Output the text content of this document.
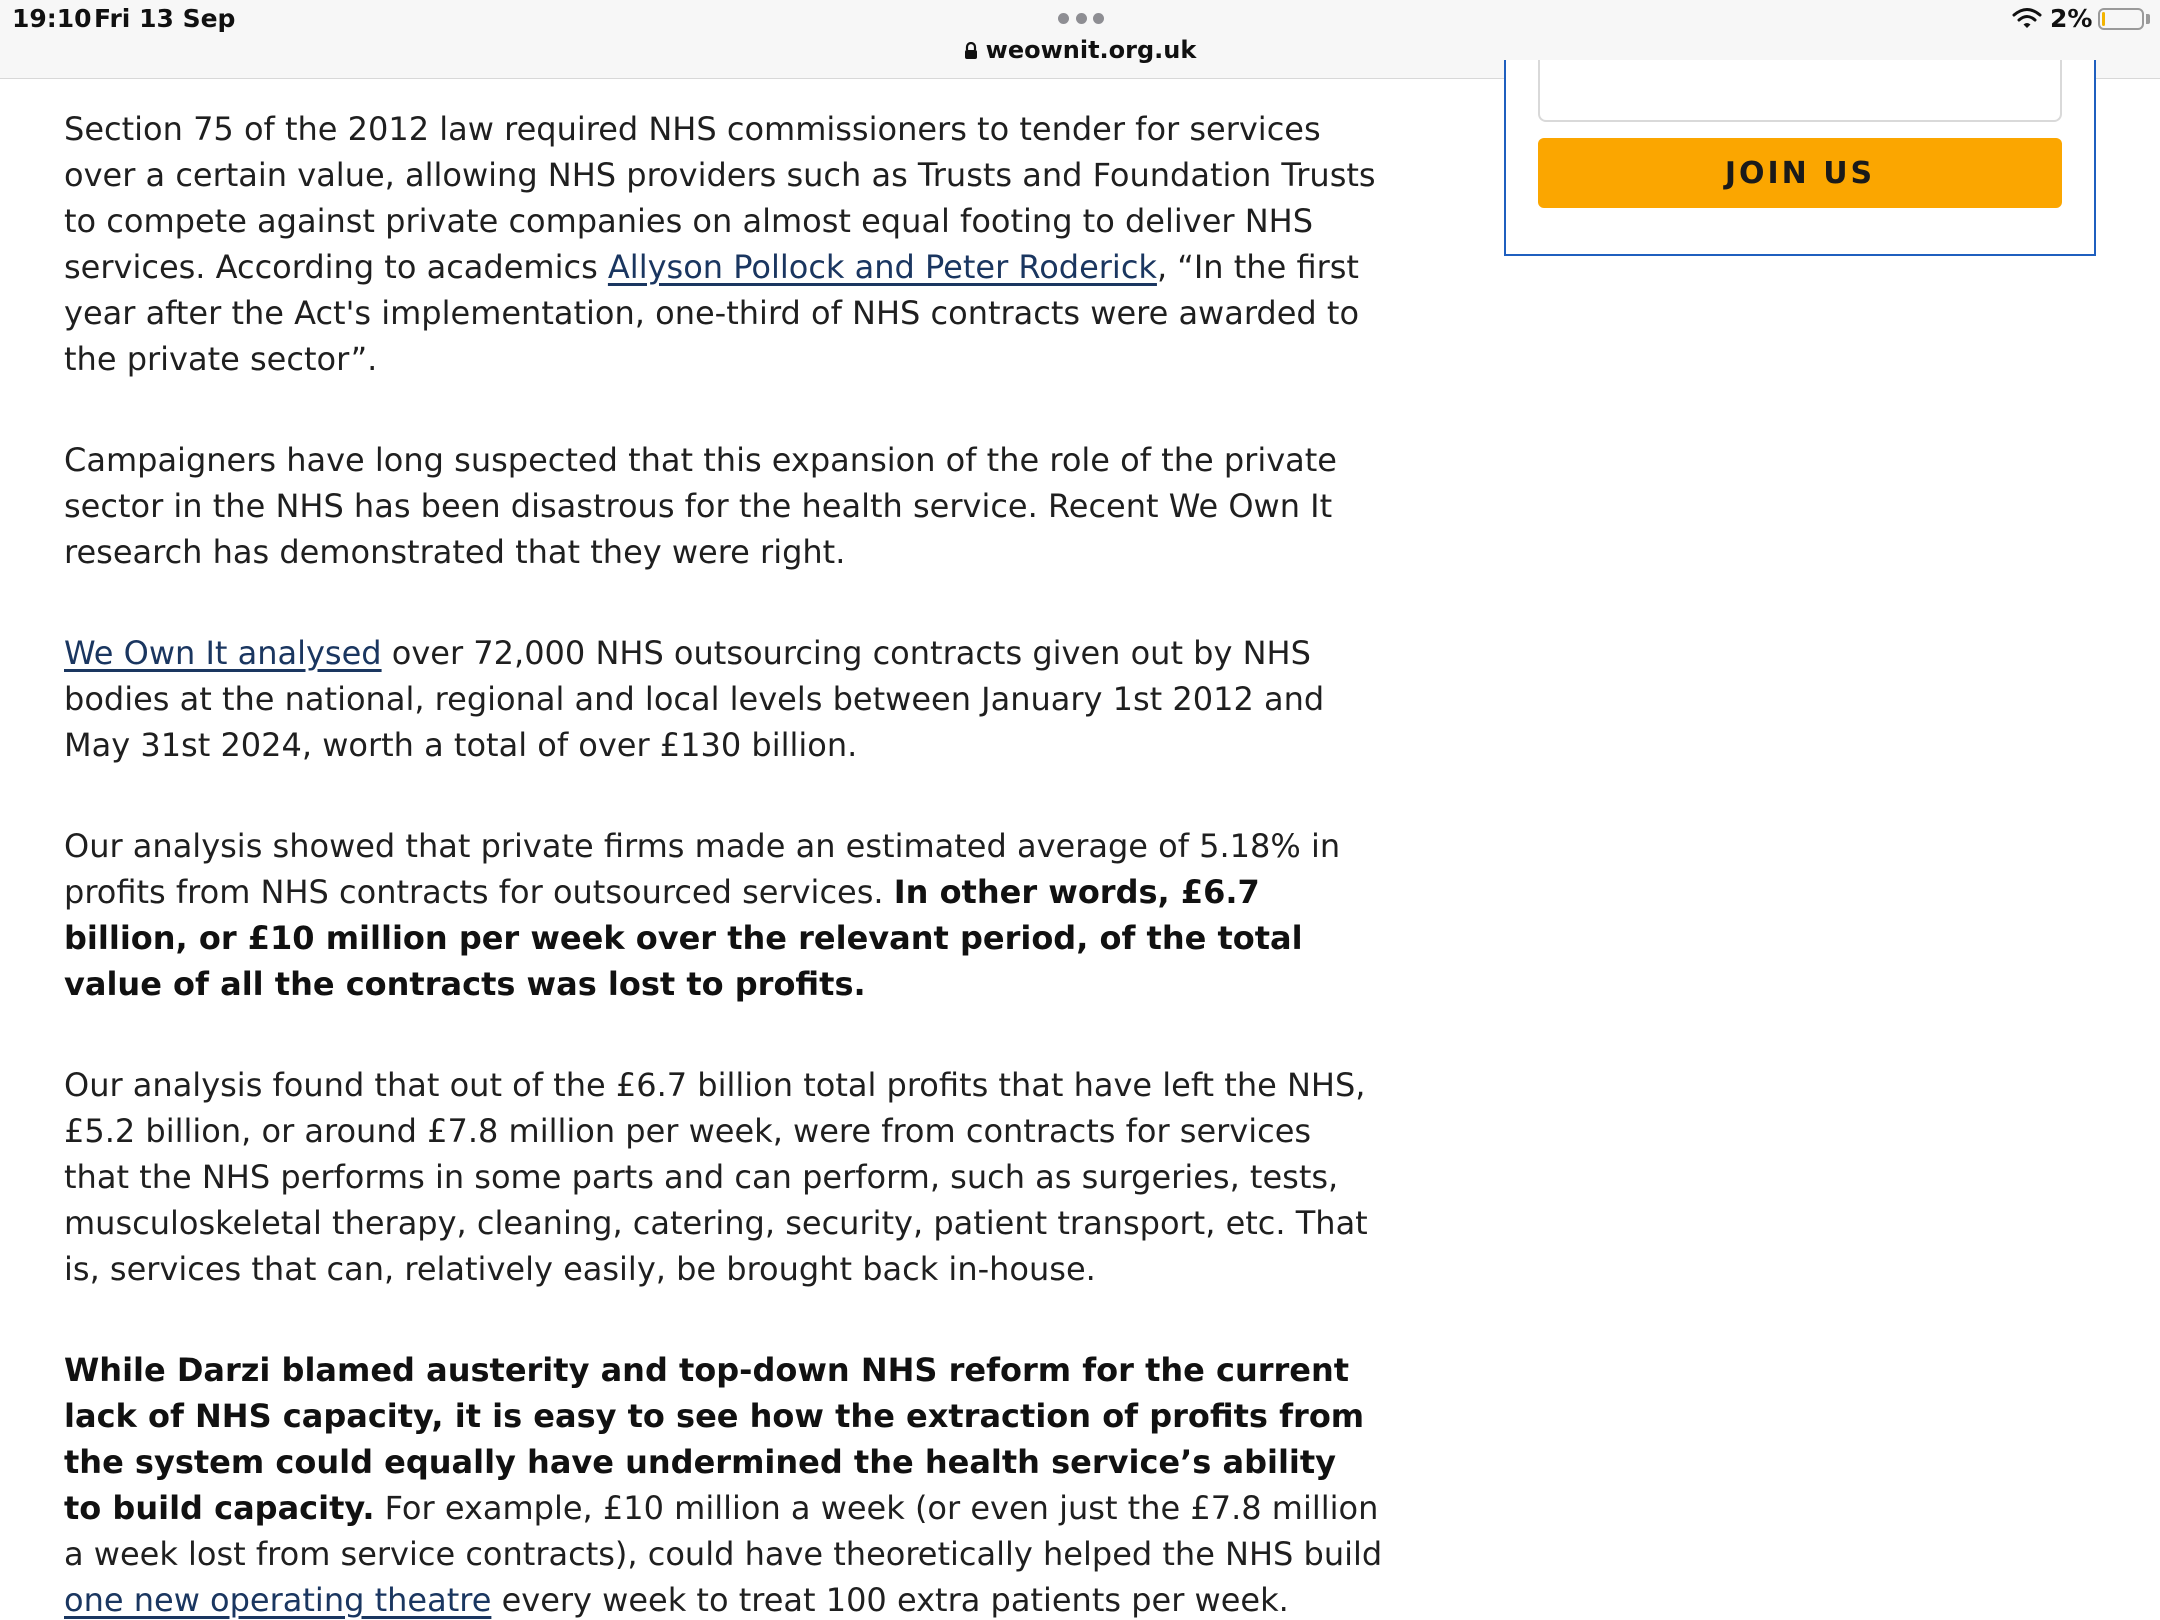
19:10 Fri 13 Sep
weownit.org.uk
2%
JOIN US

Section 75 of the 2012 law required NHS commissioners to tender for services over a certain value, allowing NHS providers such as Trusts and Foundation Trusts to compete against private companies on almost equal footing to deliver NHS services. According to academics Allyson Pollock and Peter Roderick, “In the first year after the Act's implementation, one-third of NHS contracts were awarded to the private sector”.

Campaigners have long suspected that this expansion of the role of the private sector in the NHS has been disastrous for the health service. Recent We Own It research has demonstrated that they were right.

We Own It analysed over 72,000 NHS outsourcing contracts given out by NHS bodies at the national, regional and local levels between January 1st 2012 and May 31st 2024, worth a total of over £130 billion.

Our analysis showed that private firms made an estimated average of 5.18% in profits from NHS contracts for outsourced services. In other words, £6.7 billion, or £10 million per week over the relevant period, of the total value of all the contracts was lost to profits.

Our analysis found that out of the £6.7 billion total profits that have left the NHS, £5.2 billion, or around £7.8 million per week, were from contracts for services that the NHS performs in some parts and can perform, such as surgeries, tests, musculoskeletal therapy, cleaning, catering, security, patient transport, etc. That is, services that can, relatively easily, be brought back in-house.

While Darzi blamed austerity and top-down NHS reform for the current lack of NHS capacity, it is easy to see how the extraction of profits from the system could equally have undermined the health service’s ability to build capacity. For example, £10 million a week (or even just the £7.8 million a week lost from service contracts), could have theoretically helped the NHS build one new operating theatre every week to treat 100 extra patients per week.
